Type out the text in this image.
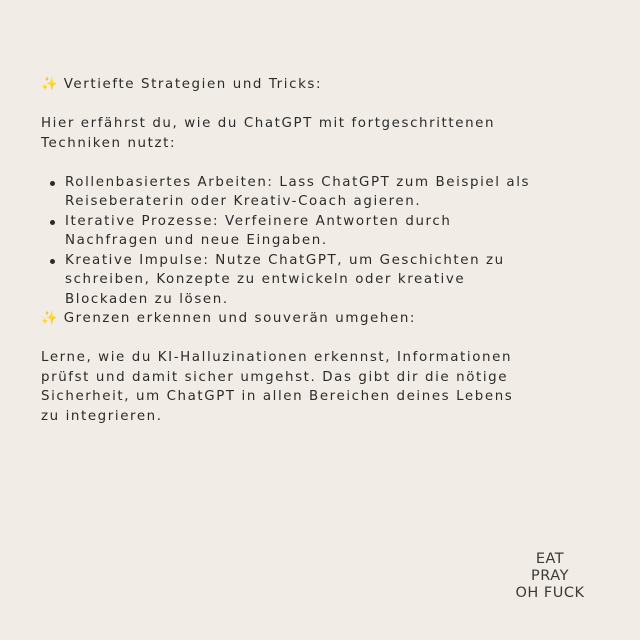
✨ Vertiefte Strategien und Tricks:
Hier erfährst du, wie du ChatGPT mit fortgeschrittenen
Techniken nutzt:
Rollenbasiertes Arbeiten: Lass ChatGPT zum Beispiel als
Reiseberaterin oder Kreativ-Coach agieren.
Iterative Prozesse: Verfeinere Antworten durch
Nachfragen und neue Eingaben.
Kreative Impulse: Nutze ChatGPT, um Geschichten zu
schreiben, Konzepte zu entwickeln oder kreative
Blockaden zu lösen.
✨ Grenzen erkennen und souverän umgehen:
Lerne, wie du KI-Halluzinationen erkennst, Informationen
prüfst und damit sicher umgehst. Das gibt dir die nötige
Sicherheit, um ChatGPT in allen Bereichen deines Lebens
zu integrieren.
EAT
PRAY
OH FUCK
